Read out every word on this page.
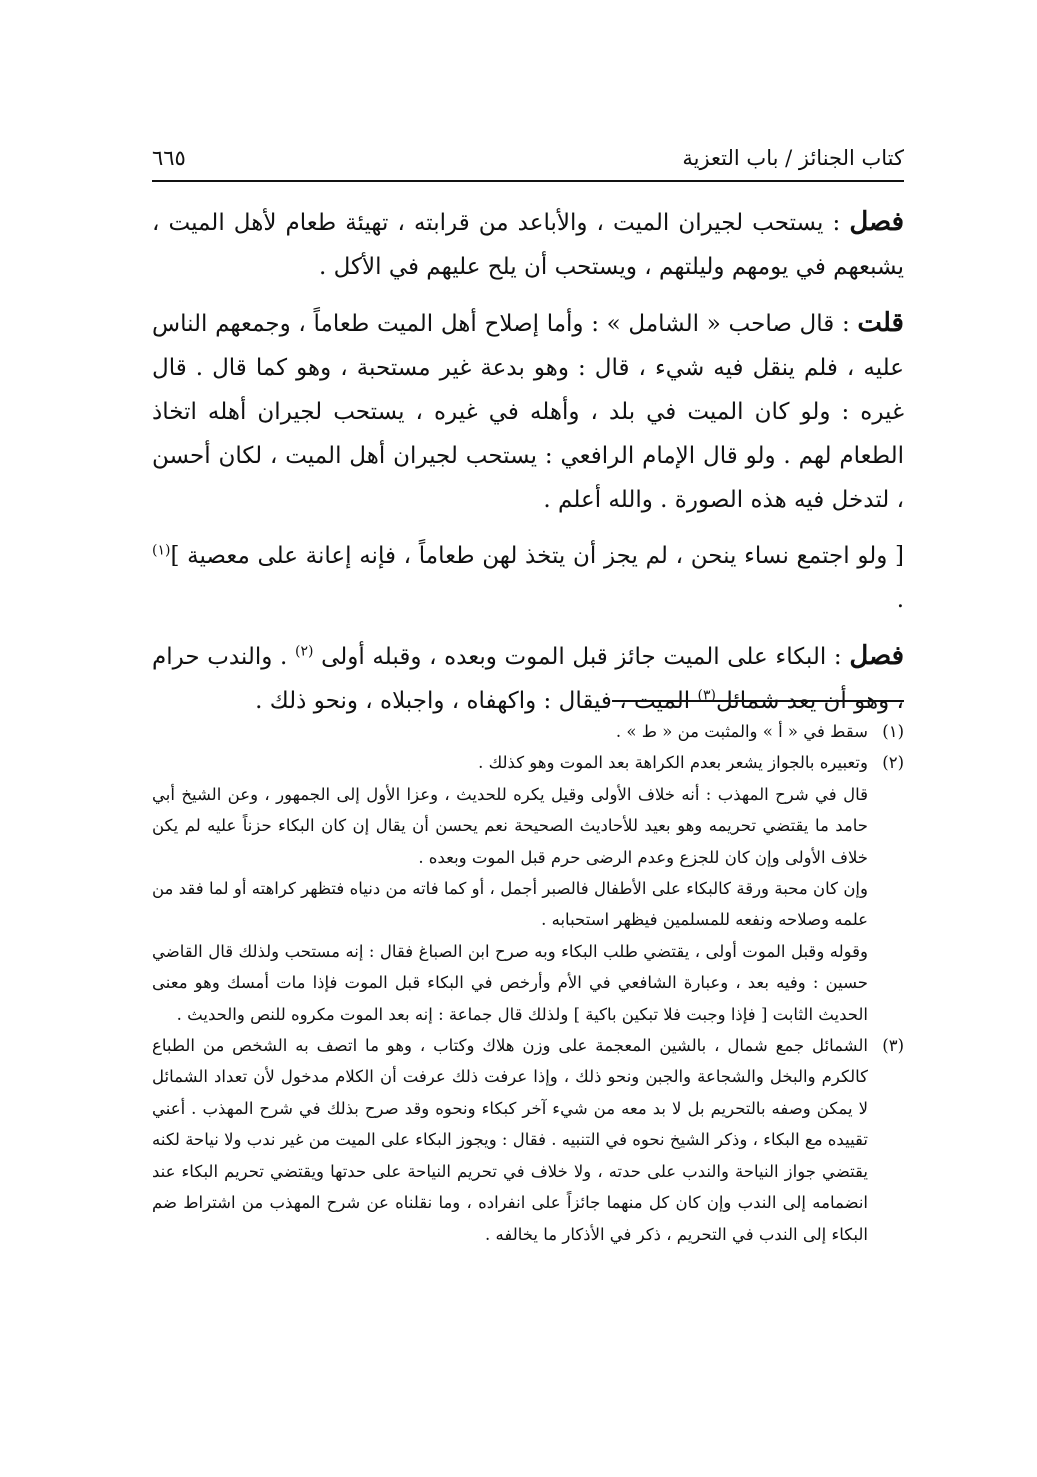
كتاب الجنائز / باب التعزية
٦٦٥

فصل : يستحب لجيران الميت ، والأباعد من قرابته ، تهيئة طعام لأهل الميت ، يشبعهم في يومهم وليلتهم ، ويستحب أن يلح عليهم في الأكل .

قلت : قال صاحب « الشامل » : وأما إصلاح أهل الميت طعاماً ، وجمعهم الناس عليه ، فلم ينقل فيه شيء ، قال : وهو بدعة غير مستحبة ، وهو كما قال . قال غيره : ولو كان الميت في بلد ، وأهله في غيره ، يستحب لجيران أهله اتخاذ الطعام لهم . ولو قال الإمام الرافعي : يستحب لجيران أهل الميت ، لكان أحسن ، لتدخل فيه هذه الصورة . والله أعلم .

[ ولو اجتمع نساء ينحن ، لم يجز أن يتخذ لهن طعاماً ، فإنه إعانة على معصية ]$^{(١)}$ .

فصل : البكاء على الميت جائز قبل الموت وبعده ، وقبله أولى $^{(٢)}$ . والندب حرام ، وهو أن يعد شمائل$^{(٣)}$ الميت ، فيقال : واكهفاه ، واجبلاه ، ونحو ذلك .

(١)

سقط في « أ » والمثبت من « ط » .

(٢)

وتعبيره بالجواز يشعر بعدم الكراهة بعد الموت وهو كذلك .

قال في شرح المهذب : أنه خلاف الأولى وقيل يكره للحديث ، وعزا الأول إلى الجمهور ، وعن الشيخ أبي حامد ما يقتضي تحريمه وهو بعيد للأحاديث الصحيحة نعم يحسن أن يقال إن كان البكاء حزناً عليه لم يكن خلاف الأولى وإن كان للجزع وعدم الرضى حرم قبل الموت وبعده .

وإن كان محبة ورقة كالبكاء على الأطفال فالصبر أجمل ، أو كما فاته من دنياه فتظهر كراهته أو لما فقد من علمه وصلاحه ونفعه للمسلمين فيظهر استحبابه .

وقوله وقبل الموت أولى ، يقتضي طلب البكاء وبه صرح ابن الصباغ فقال : إنه مستحب ولذلك قال القاضي حسين : وفيه بعد ، وعبارة الشافعي في الأم وأرخص في البكاء قبل الموت فإذا مات أمسك وهو معنى الحديث الثابت [ فإذا وجبت فلا تبكين باكية ] ولذلك قال جماعة : إنه بعد الموت مكروه للنص والحديث .

(٣)

الشمائل جمع شمال ، بالشين المعجمة على وزن هلاك وكتاب ، وهو ما اتصف به الشخص من الطباع كالكرم والبخل والشجاعة والجبن ونحو ذلك ، وإذا عرفت ذلك عرفت أن الكلام مدخول لأن تعداد الشمائل لا يمكن وصفه بالتحريم بل لا بد معه من شيء آخر كبكاء ونحوه وقد صرح بذلك في شرح المهذب . أعني تقييده مع البكاء ، وذكر الشيخ نحوه في التنبيه . فقال : ويجوز البكاء على الميت من غير ندب ولا نياحة لكنه يقتضي جواز النياحة والندب على حدته ، ولا خلاف في تحريم النياحة على حدتها ويقتضي تحريم البكاء عند انضمامه إلى الندب وإن كان كل منهما جائزاً على انفراده ، وما نقلناه عن شرح المهذب من اشتراط ضم البكاء إلى الندب في التحريم ، ذكر في الأذكار ما يخالفه .
